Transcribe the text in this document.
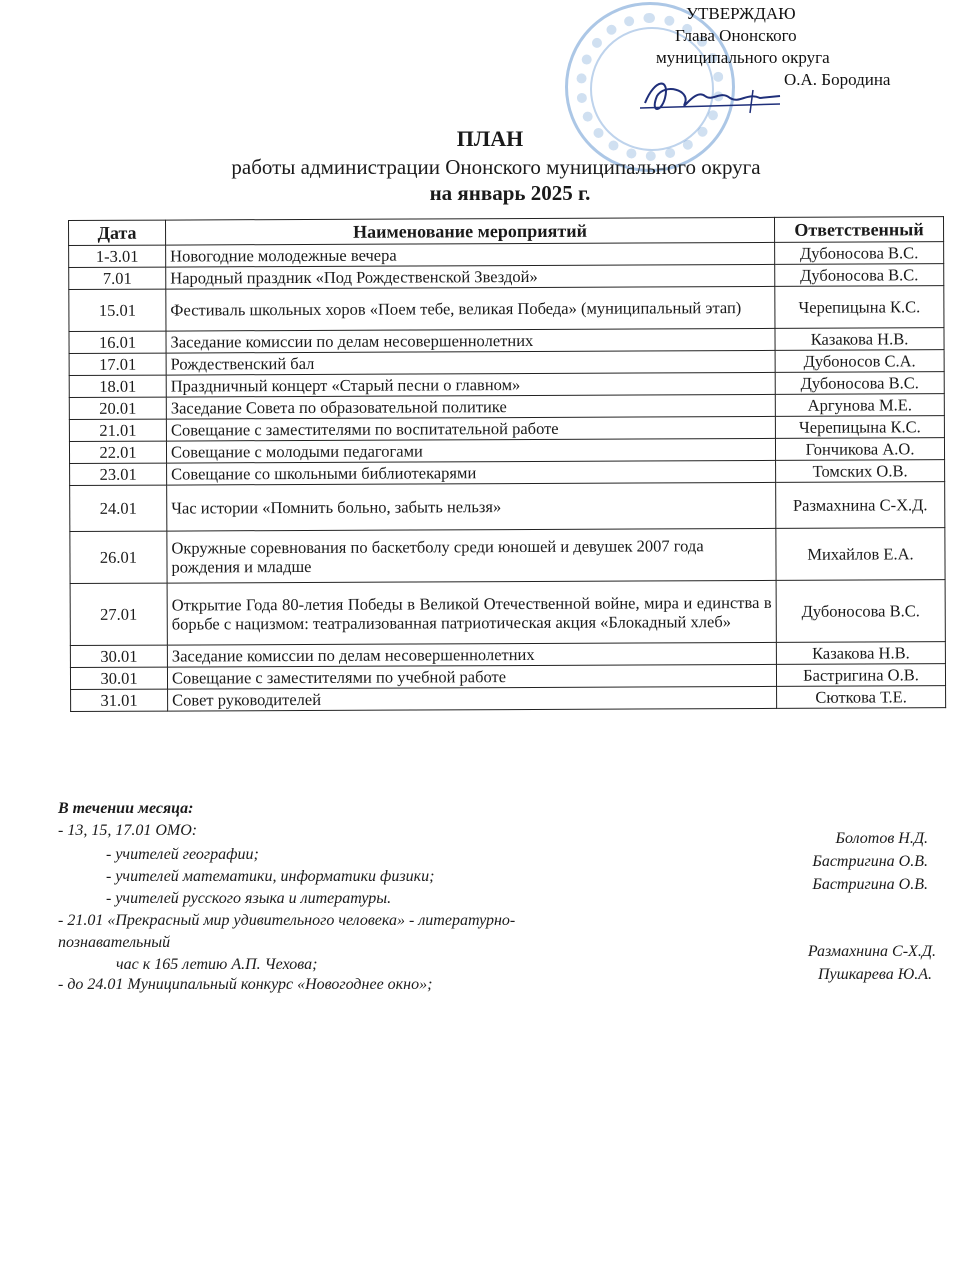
УТВЕРЖДАЮ
Глава Ононского
муниципального округа
О.А. Бородина
ПЛАН
работы администрации Ононского муниципального округа
на январь 2025 г.
Дата	Наименование мероприятий	Ответственный
1-3.01	Новогодние молодежные вечера	Дубоносова В.С.
7.01	Народный праздник «Под Рождественской Звездой»	Дубоносова В.С.
15.01	Фестиваль школьных хоров «Поем тебе, великая Победа» (муниципальный этап)	Черепицына К.С.
16.01	Заседание комиссии по делам несовершеннолетних	Казакова Н.В.
17.01	Рождественский бал	Дубоносов С.А.
18.01	Праздничный концерт «Старый песни о главном»	Дубоносова В.С.
20.01	Заседание Совета по образовательной политике	Аргунова М.Е.
21.01	Совещание с заместителями по воспитательной работе	Черепицына К.С.
22.01	Совещание с молодыми педагогами	Гончикова А.О.
23.01	Совещание со школьными библиотекарями	Томских О.В.
24.01	Час истории «Помнить больно, забыть нельзя»	Размахнина С-Х.Д.
26.01	Окружные соревнования по баскетболу среди юношей и девушек 2007 года рождения и младше	Михайлов Е.А.
27.01	Открытие Года 80-летия Победы в Великой Отечественной войне, мира и единства в борьбе с нацизмом: театрализованная патриотическая акция «Блокадный хлеб»	Дубоносова В.С.
30.01	Заседание комиссии по делам несовершеннолетних	Казакова Н.В.
30.01	Совещание с заместителями по учебной работе	Бастригина О.В.
31.01	Совет руководителей	Сюткова Т.Е.
В течении месяца:
- 13, 15, 17.01 ОМО:
- учителей географии;
- учителей математики, информатики физики;
- учителей русского языка и литературы.
- 21.01 «Прекрасный мир удивительного человека» - литературно-
познавательный
час к 165 летию А.П. Чехова;
- до 24.01 Муниципальный конкурс «Новогоднее окно»;
Болотов Н.Д.
Бастригина О.В.
Бастригина О.В.
Размахнина С-Х.Д.
Пушкарева Ю.А.
